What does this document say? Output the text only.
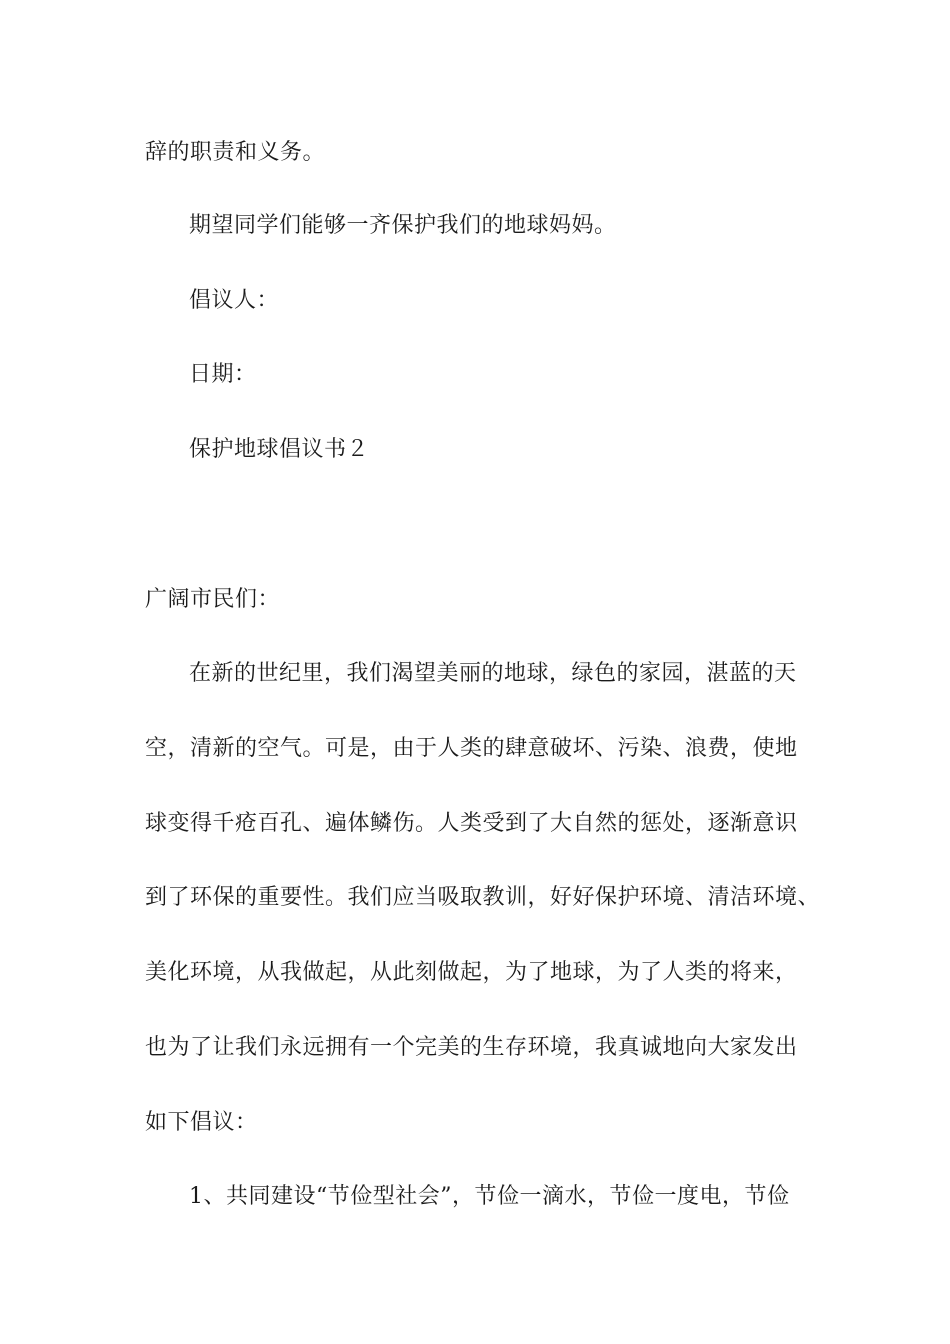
辞的职责和义务。
期望同学们能够一齐保护我们的地球妈妈。
倡议人：
日期：
保护地球倡议书２
广阔市民们：
在新的世纪里，我们渴望美丽的地球，绿色的家园，湛蓝的天
空，清新的空气。可是，由于人类的肆意破坏、污染、浪费，使地
球变得千疮百孔、遍体鳞伤。人类受到了大自然的惩处，逐渐意识
到了环保的重要性。我们应当吸取教训，好好保护环境、清洁环境、
美化环境，从我做起，从此刻做起，为了地球，为了人类的将来，
也为了让我们永远拥有一个完美的生存环境，我真诚地向大家发出
如下倡议：
1、共同建设“节俭型社会”，节俭一滴水，节俭一度电，节俭
